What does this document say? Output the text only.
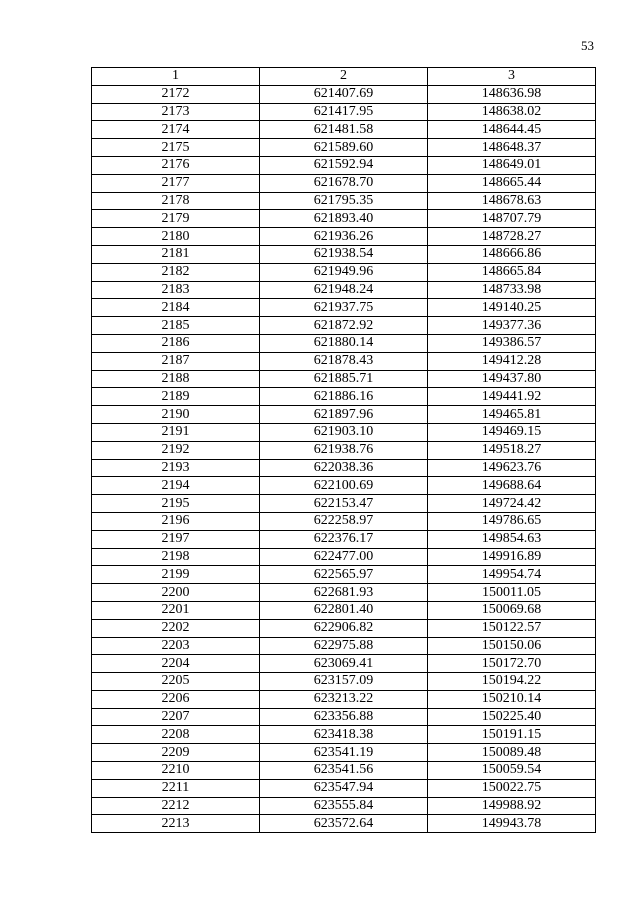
53
1	2	3
2172	621407.69	148636.98
2173	621417.95	148638.02
2174	621481.58	148644.45
2175	621589.60	148648.37
2176	621592.94	148649.01
2177	621678.70	148665.44
2178	621795.35	148678.63
2179	621893.40	148707.79
2180	621936.26	148728.27
2181	621938.54	148666.86
2182	621949.96	148665.84
2183	621948.24	148733.98
2184	621937.75	149140.25
2185	621872.92	149377.36
2186	621880.14	149386.57
2187	621878.43	149412.28
2188	621885.71	149437.80
2189	621886.16	149441.92
2190	621897.96	149465.81
2191	621903.10	149469.15
2192	621938.76	149518.27
2193	622038.36	149623.76
2194	622100.69	149688.64
2195	622153.47	149724.42
2196	622258.97	149786.65
2197	622376.17	149854.63
2198	622477.00	149916.89
2199	622565.97	149954.74
2200	622681.93	150011.05
2201	622801.40	150069.68
2202	622906.82	150122.57
2203	622975.88	150150.06
2204	623069.41	150172.70
2205	623157.09	150194.22
2206	623213.22	150210.14
2207	623356.88	150225.40
2208	623418.38	150191.15
2209	623541.19	150089.48
2210	623541.56	150059.54
2211	623547.94	150022.75
2212	623555.84	149988.92
2213	623572.64	149943.78
